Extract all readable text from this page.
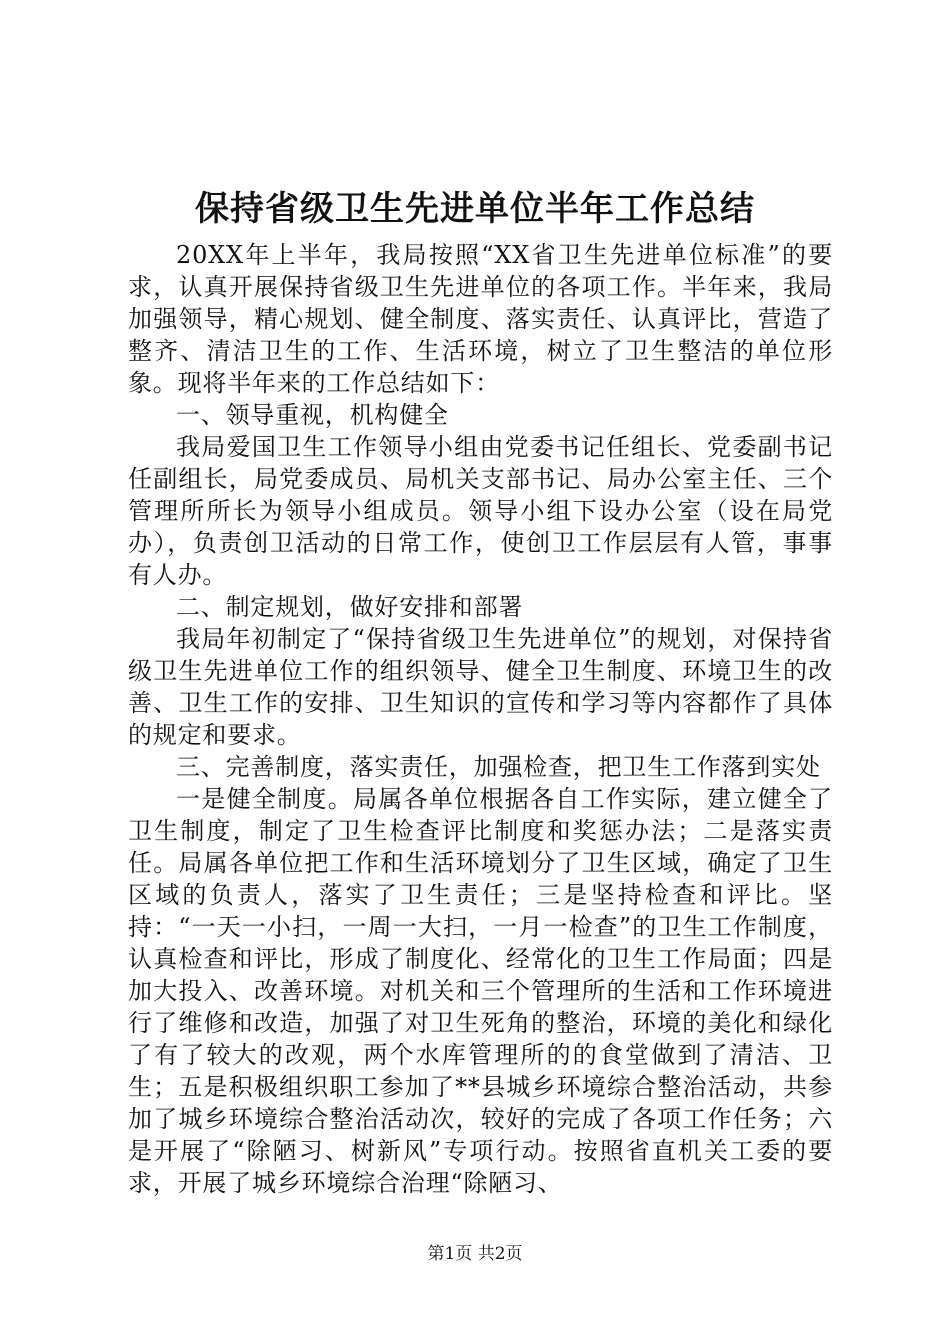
保持省级卫生先进单位半年工作总结

20XX年上半年，我局按照“XX省卫生先进单位标准”的要求，认真开展保持省级卫生先进单位的各项工作。半年来，我局加强领导，精心规划、健全制度、落实责任、认真评比，营造了整齐、清洁卫生的工作、生活环境，树立了卫生整洁的单位形象。现将半年来的工作总结如下：

一、领导重视，机构健全

我局爱国卫生工作领导小组由党委书记任组长、党委副书记任副组长，局党委成员、局机关支部书记、局办公室主任、三个管理所所长为领导小组成员。领导小组下设办公室（设在局党办），负责创卫活动的日常工作，使创卫工作层层有人管，事事有人办。

二、制定规划，做好安排和部署

我局年初制定了“保持省级卫生先进单位”的规划，对保持省级卫生先进单位工作的组织领导、健全卫生制度、环境卫生的改善、卫生工作的安排、卫生知识的宣传和学习等内容都作了具体的规定和要求。

三、完善制度，落实责任，加强检查，把卫生工作落到实处

一是健全制度。局属各单位根据各自工作实际，建立健全了卫生制度，制定了卫生检查评比制度和奖惩办法；二是落实责任。局属各单位把工作和生活环境划分了卫生区域，确定了卫生区域的负责人，落实了卫生责任；三是坚持检查和评比。坚持：“一天一小扫，一周一大扫，一月一检查”的卫生工作制度，认真检查和评比，形成了制度化、经常化的卫生工作局面；四是加大投入、改善环境。对机关和三个管理所的生活和工作环境进行了维修和改造，加强了对卫生死角的整治，环境的美化和绿化了有了较大的改观，两个水库管理所的的食堂做到了清洁、卫生；五是积极组织职工参加了**县城乡环境综合整治活动，共参加了城乡环境综合整治活动次，较好的完成了各项工作任务；六是开展了“除陋习、树新风”专项行动。按照省直机关工委的要求，开展了城乡环境综合治理“除陋习、

第1页 共2页
